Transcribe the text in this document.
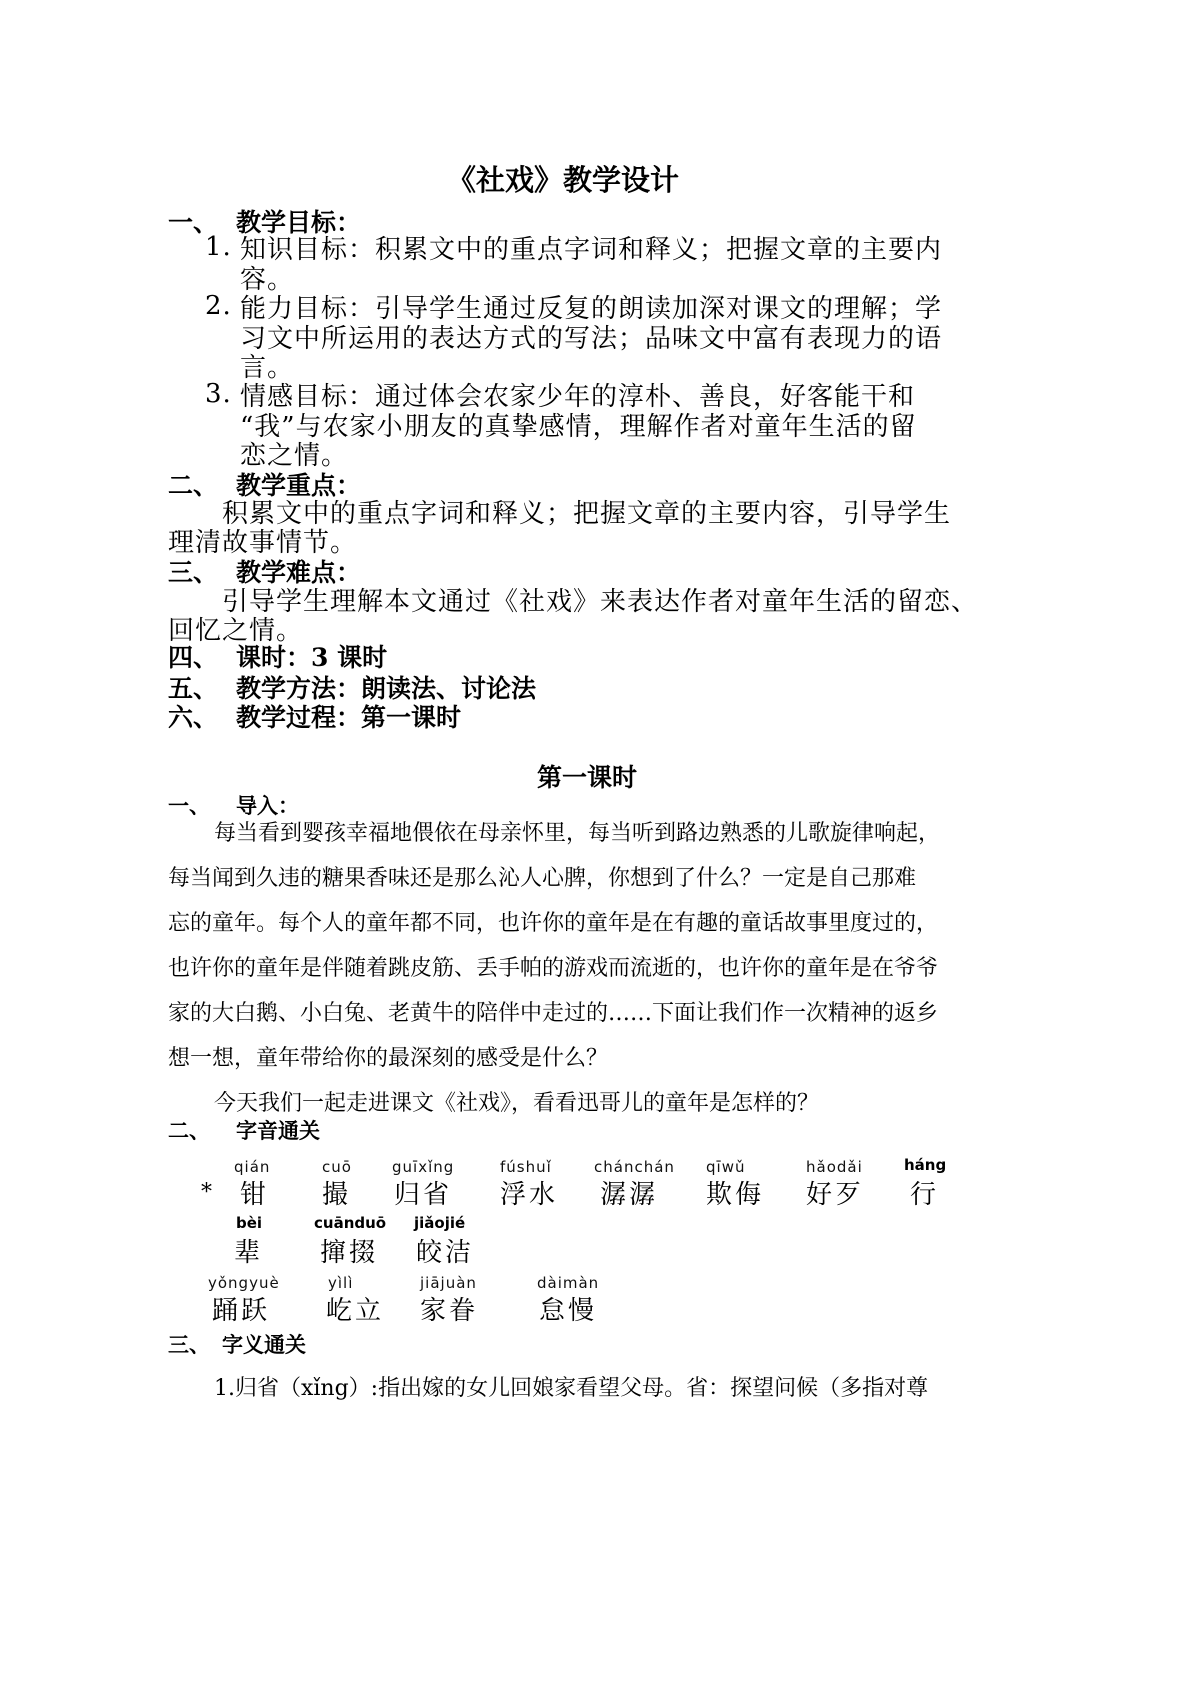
《社戏》教学设计
一、 教学目标：
1. 知识目标：积累文中的重点字词和释义；把握文章的主要内
容。
2. 能力目标：引导学生通过反复的朗读加深对课文的理解；学
习文中所运用的表达方式的写法；品味文中富有表现力的语
言。
3. 情感目标：通过体会农家少年的淳朴、善良，好客能干和
“我”与农家小朋友的真挚感情，理解作者对童年生活的留
恋之情。
二、 教学重点：
积累文中的重点字词和释义；把握文章的主要内容，引导学生
理清故事情节。
三、 教学难点：
引导学生理解本文通过《社戏》来表达作者对童年生活的留恋、
回忆之情。
四、 课时：3 课时
五、 教学方法：朗读法、讨论法
六、 教学过程：第一课时
第一课时
一、 导入：
每当看到婴孩幸福地偎依在母亲怀里，每当听到路边熟悉的儿歌旋律响起，
每当闻到久违的糖果香味还是那么沁人心脾，你想到了什么？一定是自己那难
忘的童年。每个人的童年都不同，也许你的童年是在有趣的童话故事里度过的，
也许你的童年是伴随着跳皮筋、丢手帕的游戏而流逝的，也许你的童年是在爷爷
家的大白鹅、小白兔、老黄牛的陪伴中走过的……下面让我们作一次精神的返乡
想一想，童年带给你的最深刻的感受是什么？
今天我们一起走进课文《社戏》，看看迅哥儿的童年是怎样的？
二、 字音通关
*
qián
钳
cuō
撮
guīxǐng
归省
fúshuǐ
浮水
chánchán
潺潺
qīwǔ
欺侮
hǎodǎi
好歹
háng
行
bèi
辈
cuānduō
撺掇
jiǎojié
皎洁
yǒngyuè
踊跃
yìlì
屹立
jiājuàn
家眷
dàimàn
怠慢
三、 字义通关
1.归省（xǐng）:指出嫁的女儿回娘家看望父母。省：探望问候（多指对尊
